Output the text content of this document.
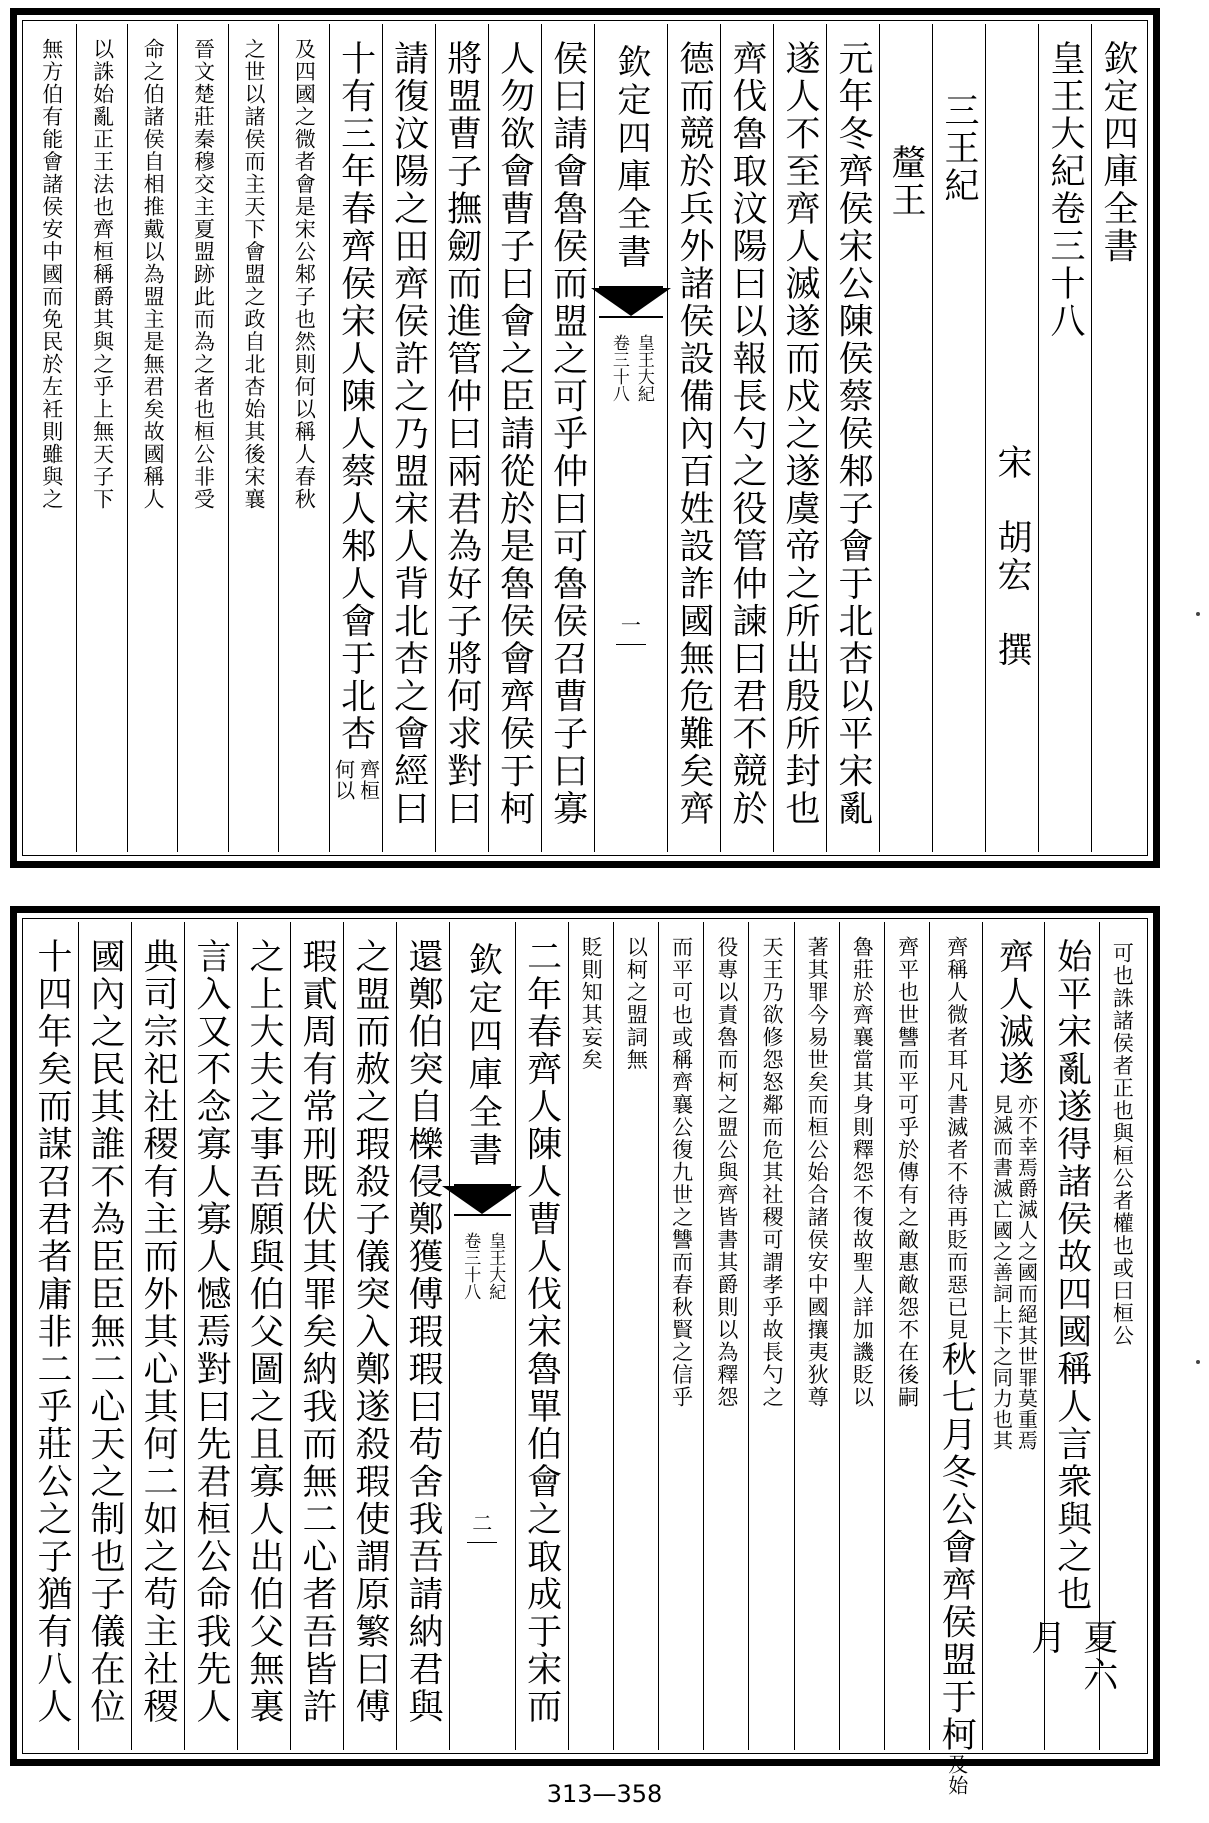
欽定四庫全書
皇王大紀卷三十八
宋　胡宏　撰
三王紀
釐王
元年冬齊侯宋公陳侯蔡侯邾子會于北杏以平宋亂
遂人不至齊人滅遂而戍之遂虞帝之所出殷所封也
齊伐魯取汶陽曰以報長勺之役管仲諫曰君不競於
德而競於兵外諸侯設備內百姓設詐國無危難矣齊
欽定四庫全書
皇王大紀
卷三十八
一
侯曰請會魯侯而盟之可乎仲曰可魯侯召曹子曰寡
人勿欲會曹子曰會之臣請從於是魯侯會齊侯于柯
將盟曹子撫劒而進管仲曰兩君為好子將何求對曰
請復汶陽之田齊侯許之乃盟宋人背北杏之會經曰
十有三年春齊侯宋人陳人蔡人邾人會于北杏
齊桓
何以
及四國之微者會是宋公邾子也然則何以稱人春秋
之世以諸侯而主天下會盟之政自北杏始其後宋襄
晉文楚莊秦穆交主夏盟跡此而為之者也桓公非受
命之伯諸侯自相推戴以為盟主是無君矣故國稱人
以誅始亂正王法也齊桓稱爵其與之乎上無天子下
無方伯有能會諸侯安中國而免民於左衽則雖與之
可也誅諸侯者正也與桓公者權也或曰桓公
始平宋亂遂得諸侯故四國稱人言衆與之也
夏六
月
齊人滅遂
亦不幸焉爵滅人之國而絕其世罪莫重焉
見滅而書滅亡國之善詞上下之同力也其
齊稱人微者耳凡書滅者不待再貶而惡已見
秋七月冬公會齊侯盟于柯
及始
齊平也世讐而平可乎於傳有之敵惠敵怨不在後嗣
魯莊於齊襄當其身則釋怨不復故聖人詳加譏貶以
著其罪今易世矣而桓公始合諸侯安中國攘夷狄尊
天王乃欲修怨怒鄰而危其社稷可謂孝乎故長勺之
役專以責魯而柯之盟公與齊皆書其爵則以為釋怨
而平可也或稱齊襄公復九世之讐而春秋賢之信乎
以柯之盟詞無
貶則知其妄矣
二年春齊人陳人曹人伐宋魯單伯會之取成于宋而
欽定四庫全書
皇王大紀
卷三十八
二
還鄭伯突自櫟侵鄭獲傅瑕瑕曰苟舍我吾請納君與
之盟而赦之瑕殺子儀突入鄭遂殺瑕使謂原繁曰傅
瑕貳周有常刑既伏其罪矣納我而無二心者吾皆許
之上大夫之事吾願與伯父圖之且寡人出伯父無裏
言入又不念寡人寡人憾焉對曰先君桓公命我先人
典司宗祀社稷有主而外其心其何二如之苟主社稷
國內之民其誰不為臣臣無二心天之制也子儀在位
十四年矣而謀召君者庸非二乎莊公之子猶有八人
313—358
